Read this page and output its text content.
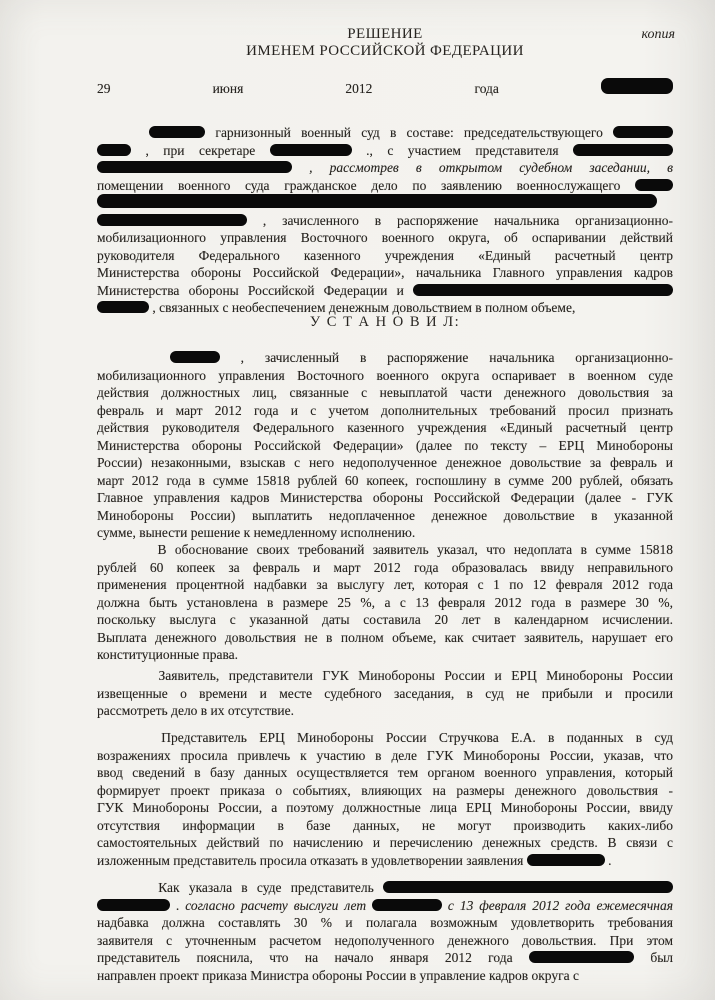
копия
РЕШЕНИЕ
ИМЕНЕМ РОССИЙСКОЙ ФЕДЕРАЦИИ
У С Т А Н О В И Л:
29 июня 2012 года
гарнизонный военный суд в составе: председательствующего
, при секретаре	., с участием представителя
, рассмотрев в открытом судебном заседании, в
помещении военного суда гражданское дело по заявлению военнослужащего
, зачисленного в распоряжение начальника организационно-
мобилизационного управления Восточного военного округа, об оспаривании действий
руководителя Федерального казенного учреждения «Единый расчетный центр
Министерства обороны Российской Федерации», начальника Главного управления кадров
Министерства обороны Российской Федерации и
, связанных с необеспечением денежным довольствием в полном объеме,
, зачисленный в распоряжение начальника организационно-
мобилизационного управления Восточного военного округа оспаривает в военном суде
действия должностных лиц, связанные с невыплатой части денежного довольствия за
февраль и март 2012 года и с учетом дополнительных требований просил признать
действия руководителя Федерального казенного учреждения «Единый расчетный центр
Министерства обороны Российской Федерации» (далее по тексту – ЕРЦ Минобороны
России) незаконными, взыскав с него недополученное денежное довольствие за февраль и
март 2012 года в сумме 15818 рублей 60 копеек, госпошлину в сумме 200 рублей, обязать
Главное управления кадров Министерства обороны Российской Федерации (далее - ГУК
Минобороны России) выплатить недоплаченное денежное довольствие в указанной
сумме, вынести решение к немедленному исполнению.
В обоснование своих требований заявитель указал, что недоплата в сумме 15818
рублей 60 копеек за февраль и март 2012 года образовалась ввиду неправильного
применения процентной надбавки за выслугу лет, которая с 1 по 12 февраля 2012 года
должна быть установлена в размере 25 %, а с 13 февраля 2012 года в размере 30 %,
поскольку выслуга с указанной даты составила 20 лет в календарном исчислении.
Выплата денежного довольствия не в полном объеме, как считает заявитель, нарушает его
конституционные права.
Заявитель, представители ГУК Минобороны России и ЕРЦ Минобороны России
извещенные о времени и месте судебного заседания, в суд не прибыли и просили
рассмотреть дело в их отсутствие.
Представитель ЕРЦ Минобороны России Стручкова Е.А. в поданных в суд
возражениях просила привлечь к участию в деле ГУК Минобороны России, указав, что
ввод сведений в базу данных осуществляется тем органом военного управления, который
формирует проект приказа о событиях, влияющих на размеры денежного довольствия -
ГУК Минобороны России, а поэтому должностные лица ЕРЦ Минобороны России, ввиду
отсутствия информации в базе данных, не могут производить каких-либо
самостоятельных действий по начислению и перечислению денежных средств. В связи с
изложенным представитель просила отказать в удовлетворении заявления	.
Как указала в суде представитель
. согласно расчету выслуги лет	с 13 февраля 2012 года ежемесячная
надбавка должна составлять 30 % и полагала возможным удовлетворить требования
заявителя с уточненным расчетом недополученного денежного довольствия. При этом
представитель пояснила, что на начало января 2012 года	был
направлен проект приказа Министра обороны России в управление кадров округа с
